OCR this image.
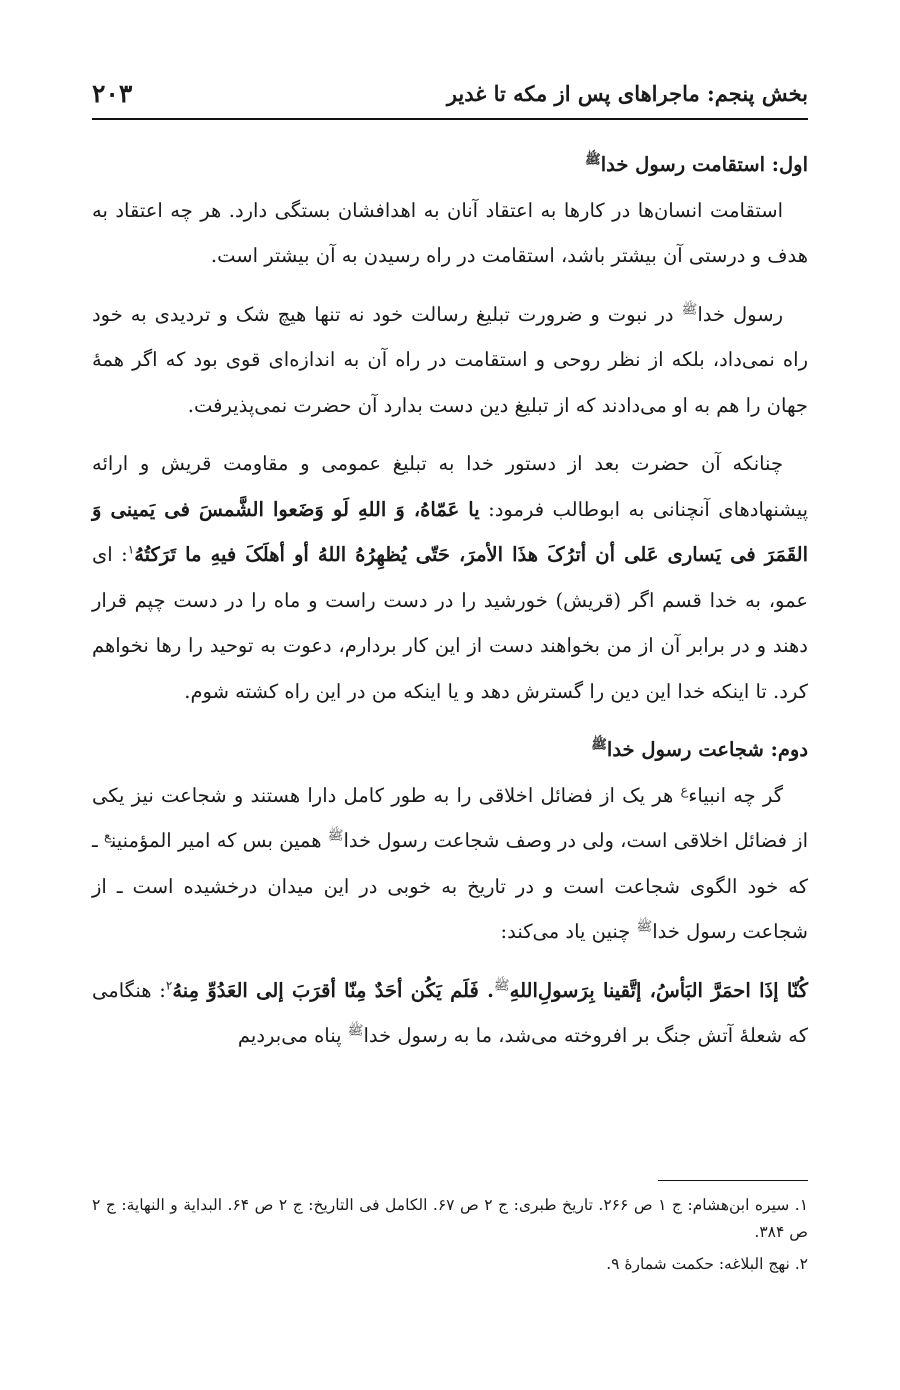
بخش پنجم: ماجراهای پس از مکه تا غدیر
۲۰۳

اول: استقامت رسول خدا$^ﷺ$

استقامت انسان‌ها در کارها به اعتقاد آنان به اهدافشان بستگی دارد. هر چه اعتقاد به هدف و درستی آن بیشتر باشد، استقامت در راه رسیدن به آن بیشتر است.

رسول خدا$^ﷺ$ در نبوت و ضرورت تبلیغ رسالت خود نه تنها هیچ شک و تردیدی به خود راه نمی‌داد، بلکه از نظر روحی و استقامت در راه آن به اندازه‌ای قوی بود که اگر همهٔ جهان را هم به او می‌دادند که از تبلیغ دین دست بدارد آن حضرت نمی‌پذیرفت.

چنانکه آن حضرت بعد از دستور خدا به تبلیغ عمومی و مقاومت قریش و ارائه پیشنهادهای آنچنانی به ابوطالب فرمود: یا عَمّاهُ، وَ اللهِ لَو وَضَعوا الشَّمسَ فی یَمینی وَ القَمَرَ فی یَساری عَلی أن أترُکَ هذَا الأمرَ، حَتّی یُظهِرُهُ اللهُ أو أهلَکَ فیهِ ما تَرَکتُهُ$^۱$: ای عمو، به خدا قسم اگر (قریش) خورشید را در دست راست و ماه را در دست چپم قرار دهند و در برابر آن از من بخواهند دست از این کار بردارم، دعوت به توحید را رها نخواهم کرد. تا اینکه خدا این دین را گسترش دهد و یا اینکه من در این راه کشته شوم.

دوم: شجاعت رسول خدا$^ﷺ$

گر چه انبیاء$^ع$ هر یک از فضائل اخلاقی را به طور کامل دارا هستند و شجاعت نیز یکی از فضائل اخلاقی است، ولی در وصف شجاعت رسول خدا$^ﷺ$ همین بس که امیر المؤمنین$^ع$ ـ که خود الگوی شجاعت است و در تاریخ به خوبی در این میدان درخشیده است ـ از شجاعت رسول خدا$^ﷺ$ چنین یاد می‌کند:

کُنّا إذَا احمَرَّ البَأسُ، إتَّقینا بِرَسولِ‌اللهِ$^ﷺ$. فَلَم یَکُن أحَدٌ مِنّا أقرَبَ إلی العَدُوِّ مِنهُ$^۲$: هنگامی که شعلهٔ آتش جنگ بر افروخته می‌شد، ما به رسول خدا$^ﷺ$ پناه می‌بردیم

۱. سیره ابن‌هشام: ج ۱ ص ۲۶۶. تاریخ طبری: ج ۲ ص ۶۷. الکامل فی التاریخ: ج ۲ ص ۶۴. البدایة و النهایة: ج ۲ ص ۳۸۴.

۲. نهج البلاغه: حکمت شمارهٔ ۹.
